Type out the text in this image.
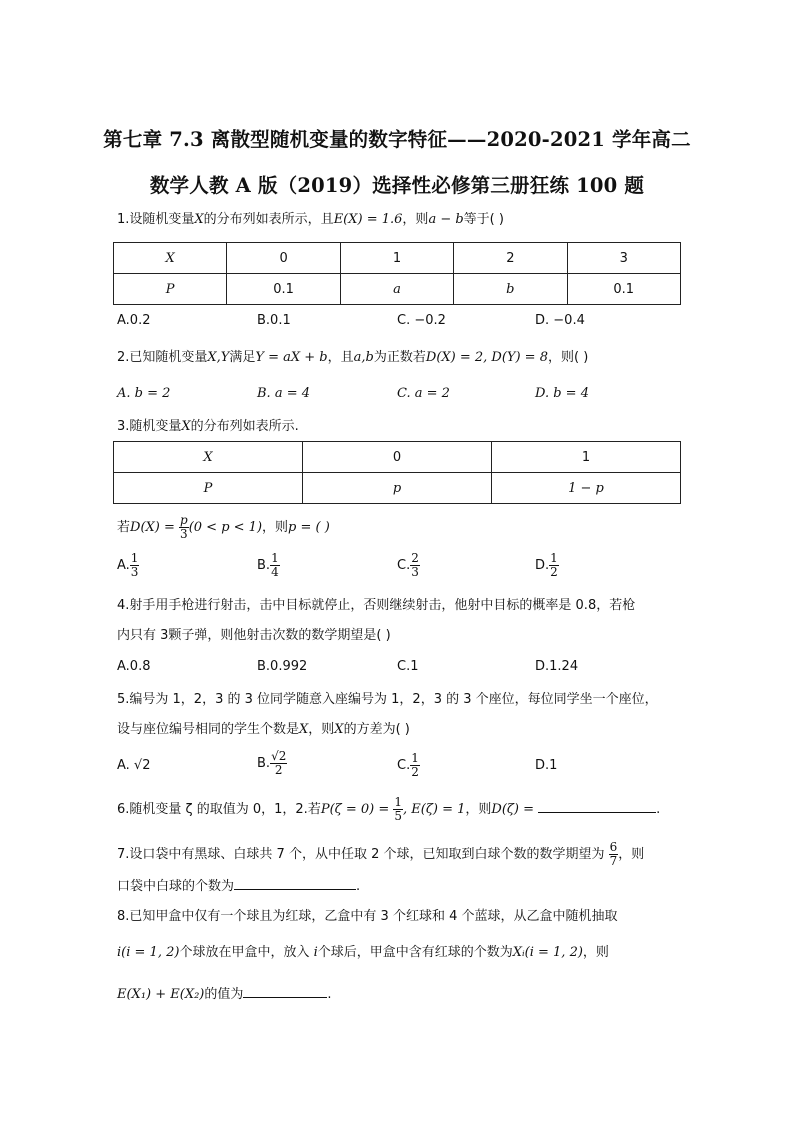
第七章 7.3 离散型随机变量的数字特征——2020-2021 学年高二
数学人教 A 版（2019）选择性必修第三册狂练 100 题
1.设随机变量X的分布列如表所示，且E(X) = 1.6，则a − b等于( )
X	0	1	2	3
P	0.1	a	b	0.1
A.0.2	B.0.1	C. −0.2	D. −0.4
2.已知随机变量X,Y满足Y = aX + b，且a,b为正数若D(X) = 2, D(Y) = 8，则( )
A. b = 2	B. a = 4	C. a = 2	D. b = 4
3.随机变量X的分布列如表所示.
X	0	1
P	p	1 − p
若$D(X) = \frac{p}{3} (0 < p < 1)$，则p = ( )
A. $\frac{1}{3}$	B. $\frac{1}{4}$	C. $\frac{2}{3}$	D. $\frac{1}{2}$
4.射手用手枪进行射击，击中目标就停止，否则继续射击，他射中目标的概率是 0.8，若枪
内只有 3颗子弹，则他射击次数的数学期望是( )
A.0.8	B.0.992	C.1	D.1.24
5.编号为 1，2，3 的 3 位同学随意入座编号为 1，2，3 的 3 个座位，每位同学坐一个座位，
设与座位编号相同的学生个数是X，则X的方差为( )
A. √2	B. $\frac{√2}{2}$	C. $\frac{1}{2}$	D.1
6.随机变量 ζ 的取值为 0，1，2.若$P(\zeta = 0) = \frac{1}{5}$ , E(ζ) = 1，则D(ζ) =	.
7.设口袋中有黑球、白球共 7 个，从中任取 2 个球，已知取到白球个数的数学期望为 $\frac{6}{7}$ ，则
口袋中白球的个数为	.
8.已知甲盒中仅有一个球且为红球，乙盒中有 3 个红球和 4 个蓝球，从乙盒中随机抽取
i(i = 1, 2)个球放在甲盒中，放入 i个球后，甲盒中含有红球的个数为Xᵢ(i = 1, 2)，则
E(X₁) + E(X₂)的值为	.
